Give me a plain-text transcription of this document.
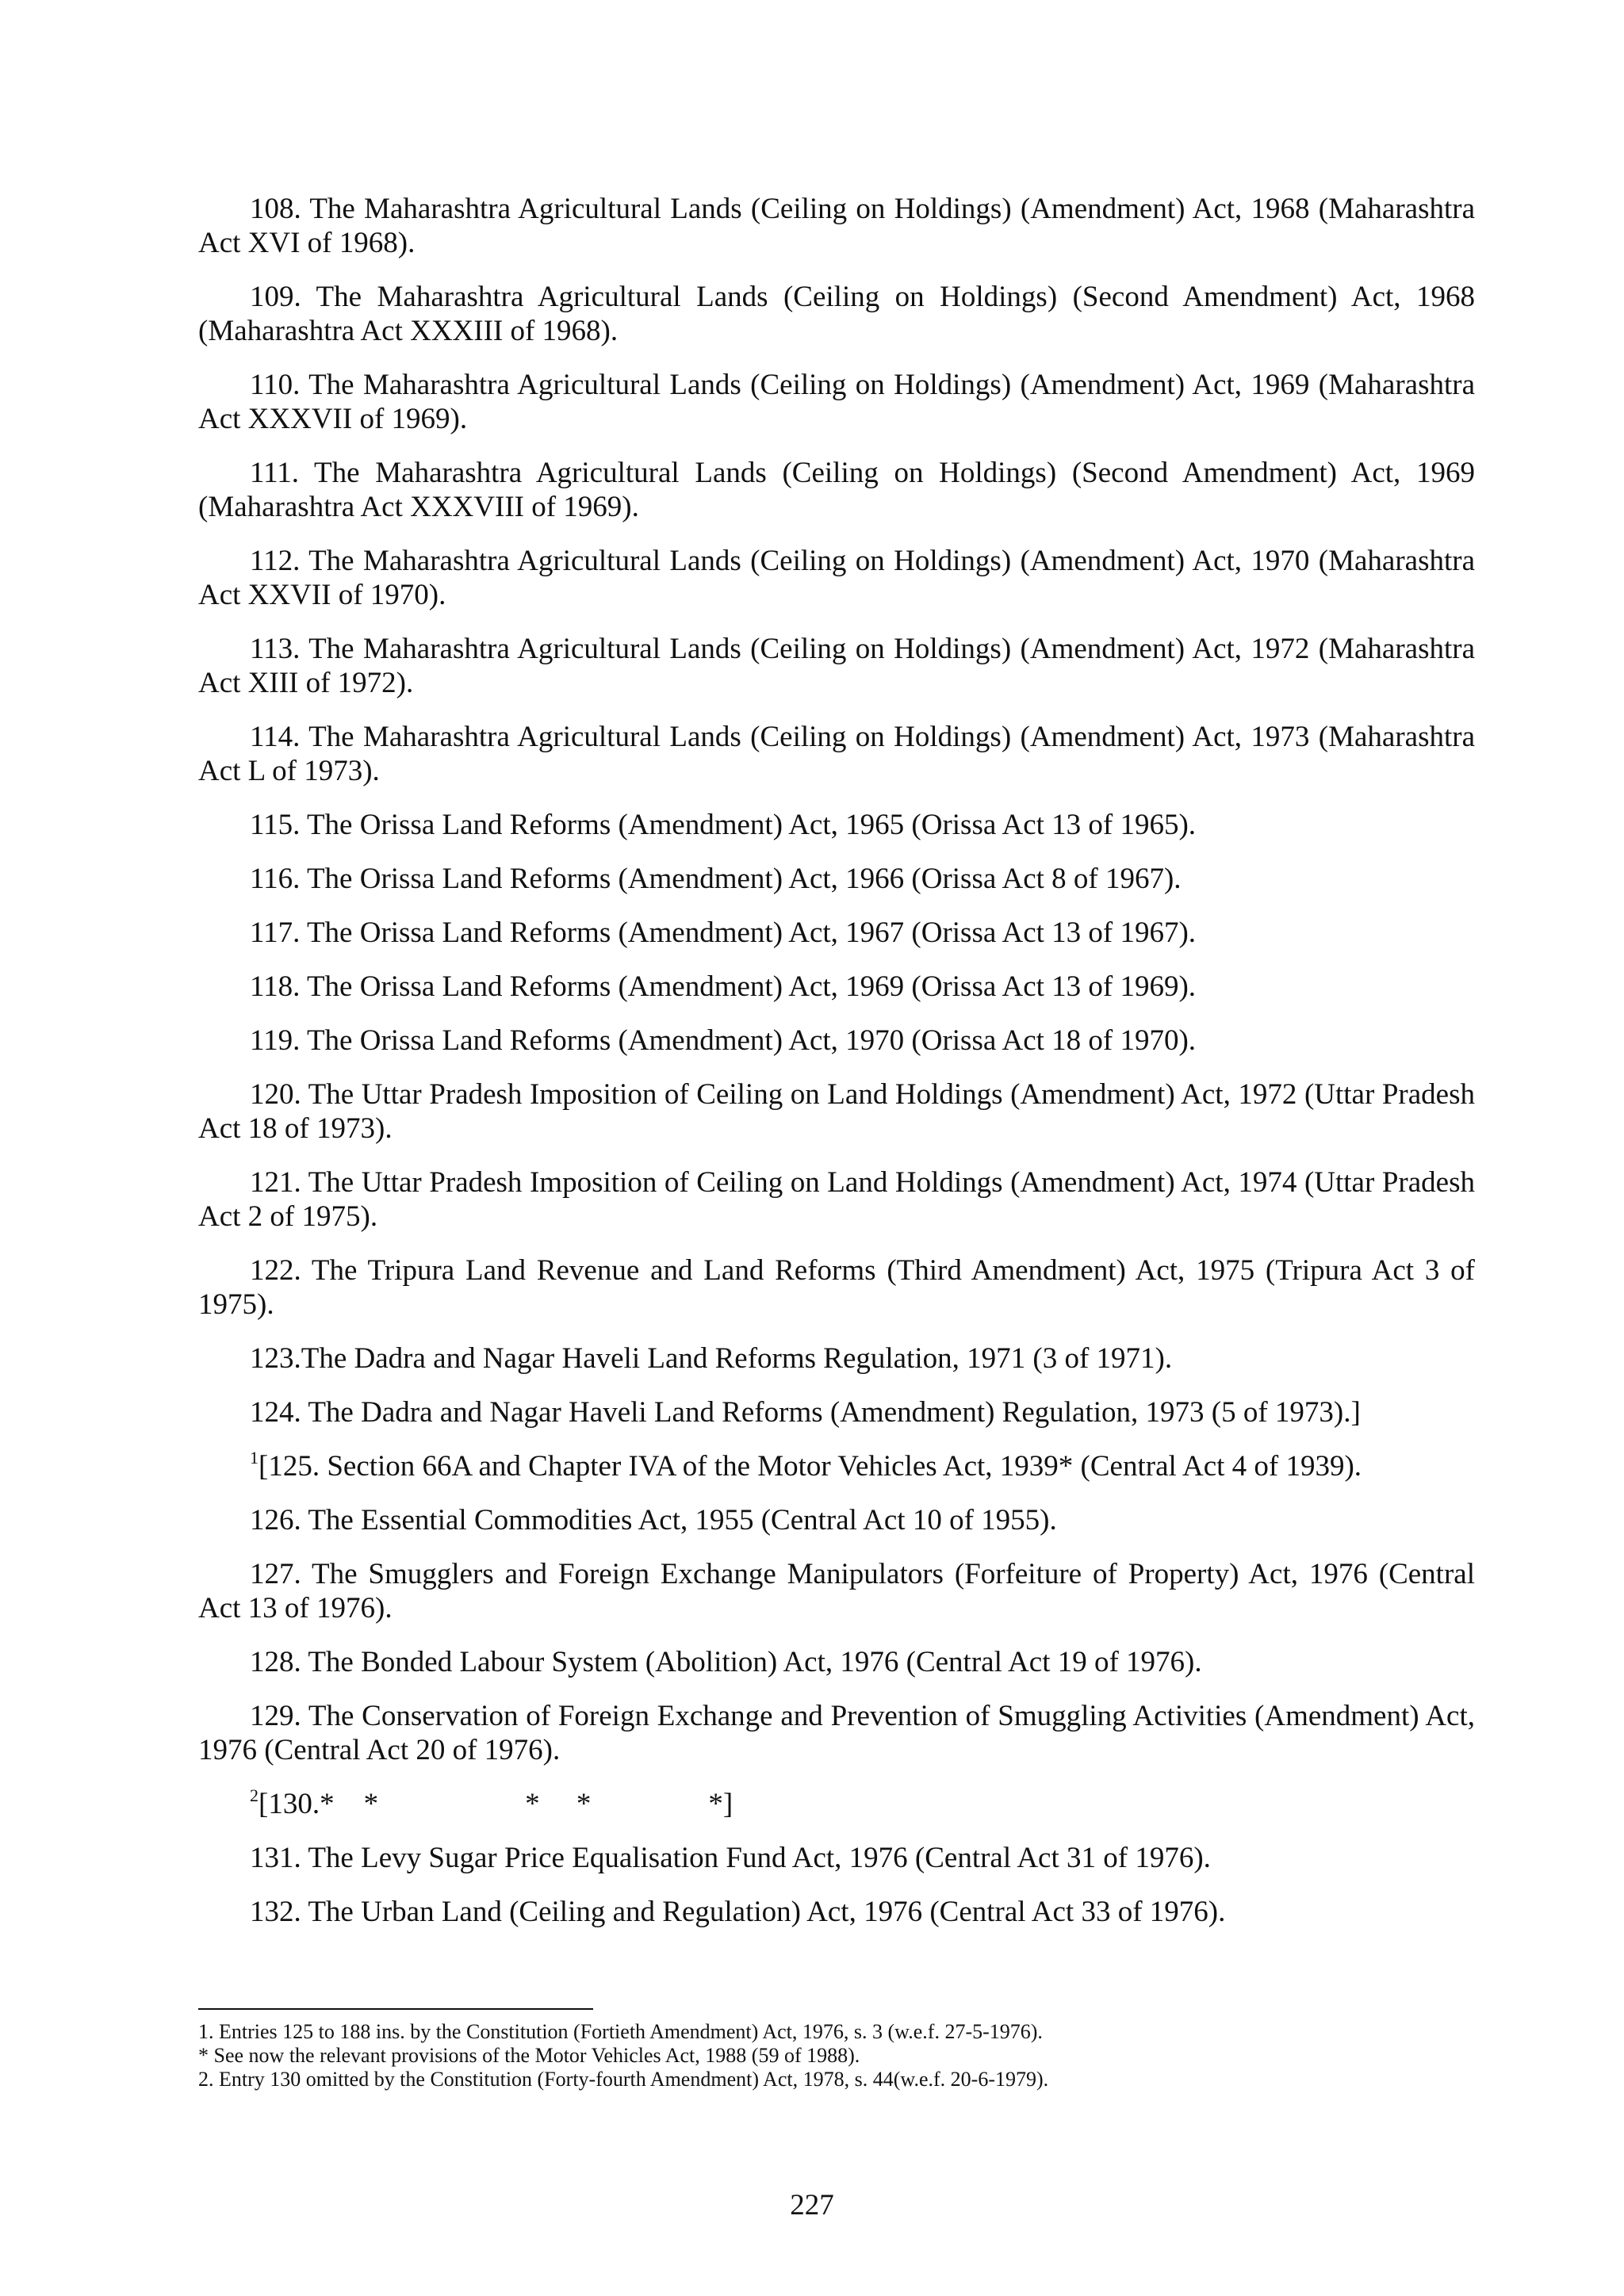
108. The Maharashtra Agricultural Lands (Ceiling on Holdings) (Amendment) Act, 1968 (Maharashtra Act XVI of 1968).

109. The Maharashtra Agricultural Lands (Ceiling on Holdings) (Second Amendment) Act, 1968 (Maharashtra Act XXXIII of 1968).

110. The Maharashtra Agricultural Lands (Ceiling on Holdings) (Amendment) Act, 1969 (Maharashtra Act XXXVII of 1969).

111. The Maharashtra Agricultural Lands (Ceiling on Holdings) (Second Amendment) Act, 1969 (Maharashtra Act XXXVIII of 1969).

112. The Maharashtra Agricultural Lands (Ceiling on Holdings) (Amendment) Act, 1970 (Maharashtra Act XXVII of 1970).

113. The Maharashtra Agricultural Lands (Ceiling on Holdings) (Amendment) Act, 1972 (Maharashtra Act XIII of 1972).

114. The Maharashtra Agricultural Lands (Ceiling on Holdings) (Amendment) Act, 1973 (Maharashtra Act L of 1973).

115. The Orissa Land Reforms (Amendment) Act, 1965 (Orissa Act 13 of 1965).

116. The Orissa Land Reforms (Amendment) Act, 1966 (Orissa Act 8 of 1967).

117. The Orissa Land Reforms (Amendment) Act, 1967 (Orissa Act 13 of 1967).

118. The Orissa Land Reforms (Amendment) Act, 1969 (Orissa Act 13 of 1969).

119. The Orissa Land Reforms (Amendment) Act, 1970 (Orissa Act 18 of 1970).

120. The Uttar Pradesh Imposition of Ceiling on Land Holdings (Amendment) Act, 1972 (Uttar Pradesh  Act 18 of 1973).

121. The Uttar Pradesh Imposition of Ceiling on Land Holdings (Amendment) Act, 1974 (Uttar Pradesh  Act 2 of 1975).

122. The Tripura Land Revenue and Land Reforms (Third Amendment) Act, 1975 (Tripura Act 3 of 1975).

123.The Dadra and Nagar Haveli Land Reforms Regulation, 1971 (3 of 1971).

124. The Dadra and Nagar Haveli Land Reforms (Amendment) Regulation, 1973 (5 of 1973).]

$^1$[125. Section 66A and Chapter IVA of the Motor Vehicles Act, 1939* (Central Act 4 of 1939).

126. The Essential Commodities Act, 1955 (Central Act 10 of 1955).

127. The Smugglers and Foreign Exchange Manipulators (Forfeiture of Property) Act, 1976 (Central Act 13 of 1976).

128. The Bonded Labour System (Abolition) Act, 1976 (Central Act 19 of 1976).

129. The Conservation of Foreign Exchange and Prevention of Smuggling Activities (Amendment) Act, 1976 (Central Act 20 of 1976).

$^2$[130.*    *                    *     *                *]

131. The Levy Sugar Price Equalisation Fund Act, 1976 (Central Act 31 of 1976).

132. The Urban Land (Ceiling and Regulation) Act, 1976 (Central Act 33 of 1976).

1. Entries 125 to 188 ins. by the Constitution (Fortieth Amendment) Act, 1976, s. 3 (w.e.f. 27-5-1976).

* See now the relevant provisions of the Motor Vehicles Act, 1988 (59 of 1988).

2. Entry 130 omitted by the Constitution (Forty-fourth Amendment) Act, 1978, s. 44(w.e.f. 20-6-1979).

227
